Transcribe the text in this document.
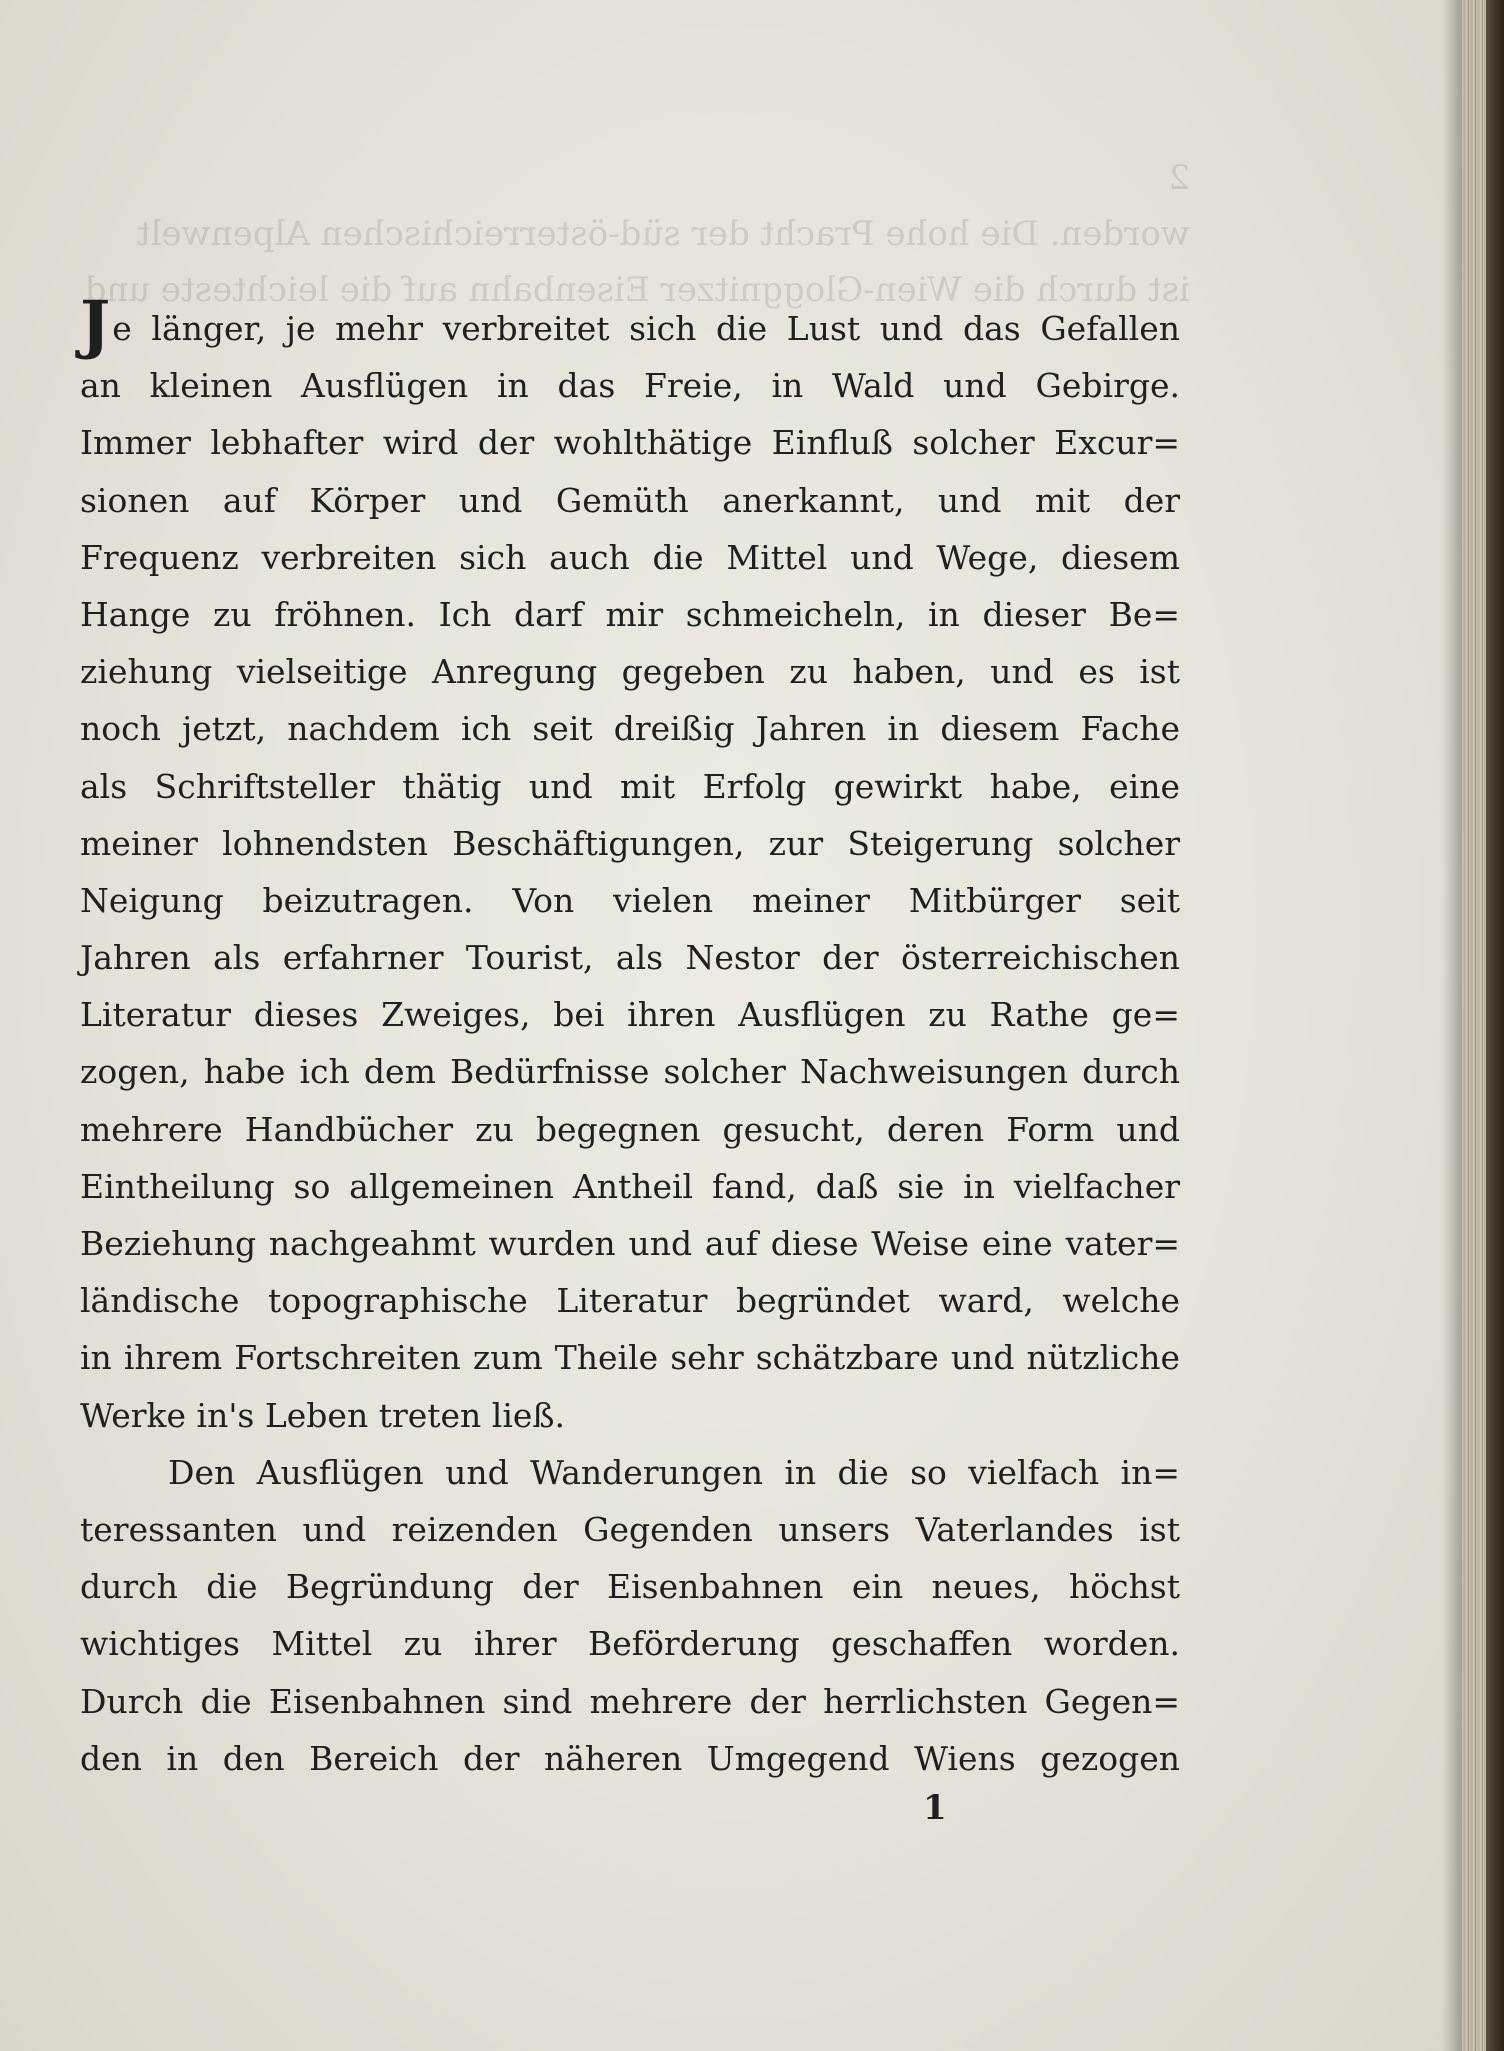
2
worden. Die hohe Pracht der süd-österreichischen Alpenwelt
ist durch die Wien-Gloggnitzer Eisenbahn auf die leichteste und
Je länger, je mehr verbreitet sich die Lust und das Gefallen
an kleinen Ausflügen in das Freie, in Wald und Gebirge.
Immer lebhafter wird der wohlthätige Einfluß solcher Excur=
sionen auf Körper und Gemüth anerkannt, und mit der
Frequenz verbreiten sich auch die Mittel und Wege, diesem
Hange zu fröhnen. Ich darf mir schmeicheln, in dieser Be=
ziehung vielseitige Anregung gegeben zu haben, und es ist
noch jetzt, nachdem ich seit dreißig Jahren in diesem Fache
als Schriftsteller thätig und mit Erfolg gewirkt habe, eine
meiner lohnendsten Beschäftigungen, zur Steigerung solcher
Neigung beizutragen. Von vielen meiner Mitbürger seit
Jahren als erfahrner Tourist, als Nestor der österreichischen
Literatur dieses Zweiges, bei ihren Ausflügen zu Rathe ge=
zogen, habe ich dem Bedürfnisse solcher Nachweisungen durch
mehrere Handbücher zu begegnen gesucht, deren Form und
Eintheilung so allgemeinen Antheil fand, daß sie in vielfacher
Beziehung nachgeahmt wurden und auf diese Weise eine vater=
ländische topographische Literatur begründet ward, welche
in ihrem Fortschreiten zum Theile sehr schätzbare und nützliche
Werke in's Leben treten ließ.
Den Ausflügen und Wanderungen in die so vielfach in=
teressanten und reizenden Gegenden unsers Vaterlandes ist
durch die Begründung der Eisenbahnen ein neues, höchst
wichtiges Mittel zu ihrer Beförderung geschaffen worden.
Durch die Eisenbahnen sind mehrere der herrlichsten Gegen=
den in den Bereich der näheren Umgegend Wiens gezogen
1
